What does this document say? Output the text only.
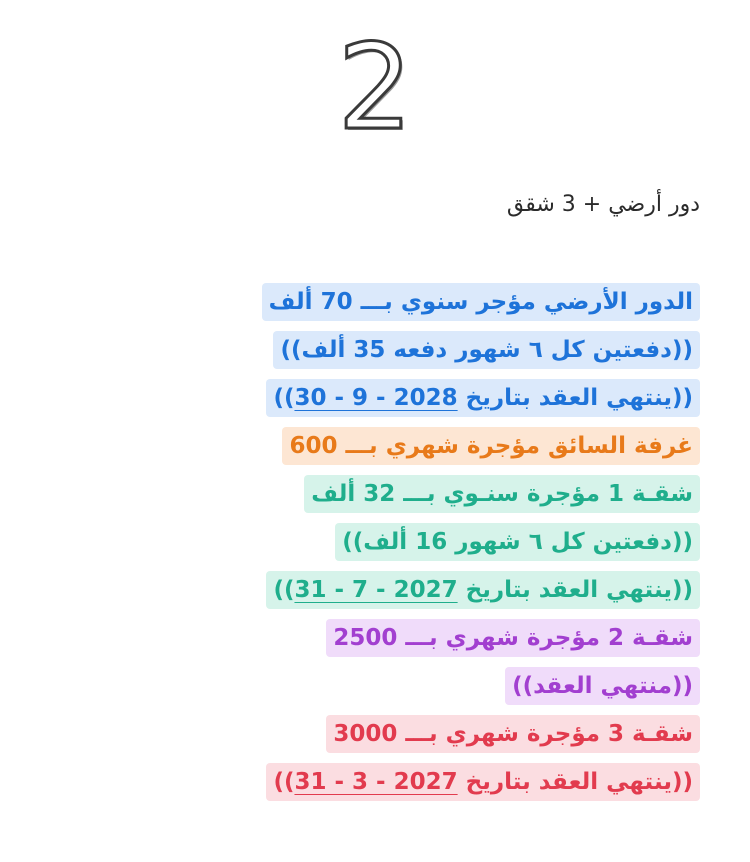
2
دور أرضي + 3 شقق
الدور الأرضي مؤجر سنوي بـــ 70 ألف
((دفعتين كل ٦ شهور دفعه 35 ألف))
((ينتهي العقد بتاريخ 30 - 9 - 2028))
غرفة السائق مؤجرة شهري بـــ 600
شقـة 1 مؤجرة سنـوي بـــ 32 ألف
((دفعتين كل ٦ شهور 16 ألف))
((ينتهي العقد بتاريخ 31 - 7 - 2027))
شقـة 2 مؤجرة شهري بـــ 2500
((منتهي العقد))
شقـة 3 مؤجرة شهري بـــ 3000
((ينتهي العقد بتاريخ 31 - 3 - 2027))
